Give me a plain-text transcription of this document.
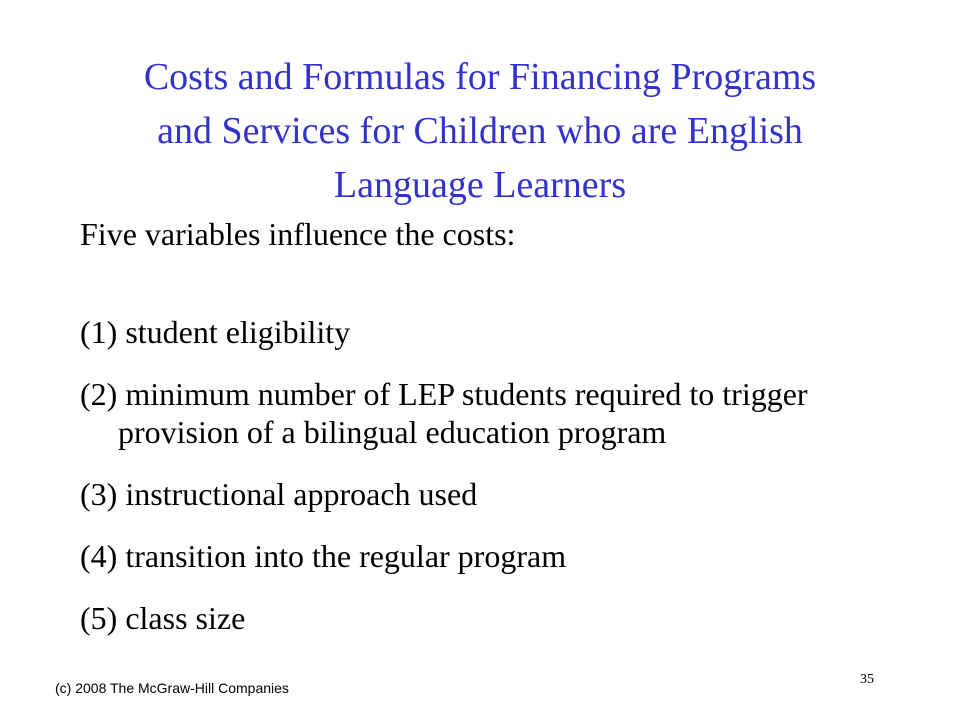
Costs and Formulas for Financing Programs
and Services for Children who are English
Language Learners

Five variables influence the costs:

(1) student eligibility
(2) minimum number of LEP students required to trigger provision of a bilingual education program
(3) instructional approach used
(4) transition into the regular program
(5) class size
(c) 2008 The McGraw-Hill Companies
35
